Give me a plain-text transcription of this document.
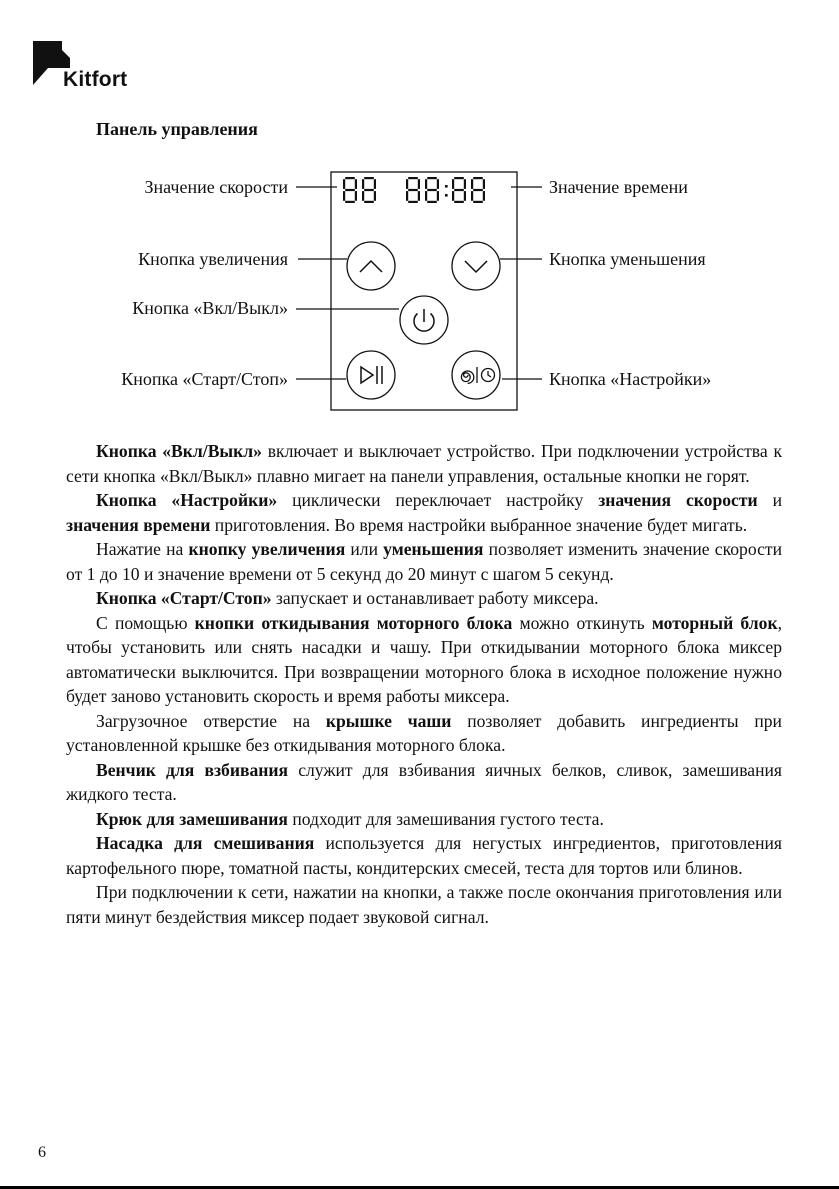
Kitfort
Панель управления
Значение скорости	Значение времени
Кнопка увеличения	Кнопка уменьшения
Кнопка «Вкл/Выкл»
Кнопка «Старт/Стоп»	Кнопка «Настройки»

Кнопка «Вкл/Выкл» включает и выключает устройство. При подключении устройства к сети кнопка «Вкл/Выкл» плавно мигает на панели управления, остальные кнопки не горят.

Кнопка «Настройки» циклически переключает настройку значения скорости и значения времени приготовления. Во время настройки выбранное значение будет мигать.

Нажатие на кнопку увеличения или уменьшения позволяет изменить значение скорости от 1 до 10 и значение времени от 5 секунд до 20 минут с шагом 5 секунд.

Кнопка «Старт/Стоп» запускает и останавливает работу миксера.

С помощью кнопки откидывания моторного блока можно откинуть моторный блок, чтобы установить или снять насадки и чашу. При откидывании моторного блока миксер автоматически выключится. При возвращении моторного блока в исходное положение нужно будет заново установить скорость и время работы миксера.

Загрузочное отверстие на крышке чаши позволяет добавить ингредиенты при установленной крышке без откидывания моторного блока.

Венчик для взбивания служит для взбивания яичных белков, сливок, замешивания жидкого теста.

Крюк для замешивания подходит для замешивания густого теста.

Насадка для смешивания используется для негустых ингредиентов, приготовления картофельного пюре, томатной пасты, кондитерских смесей, теста для тортов или блинов.

При подключении к сети, нажатии на кнопки, а также после окончания приготовления или пяти минут бездействия миксер подает звуковой сигнал.

6
